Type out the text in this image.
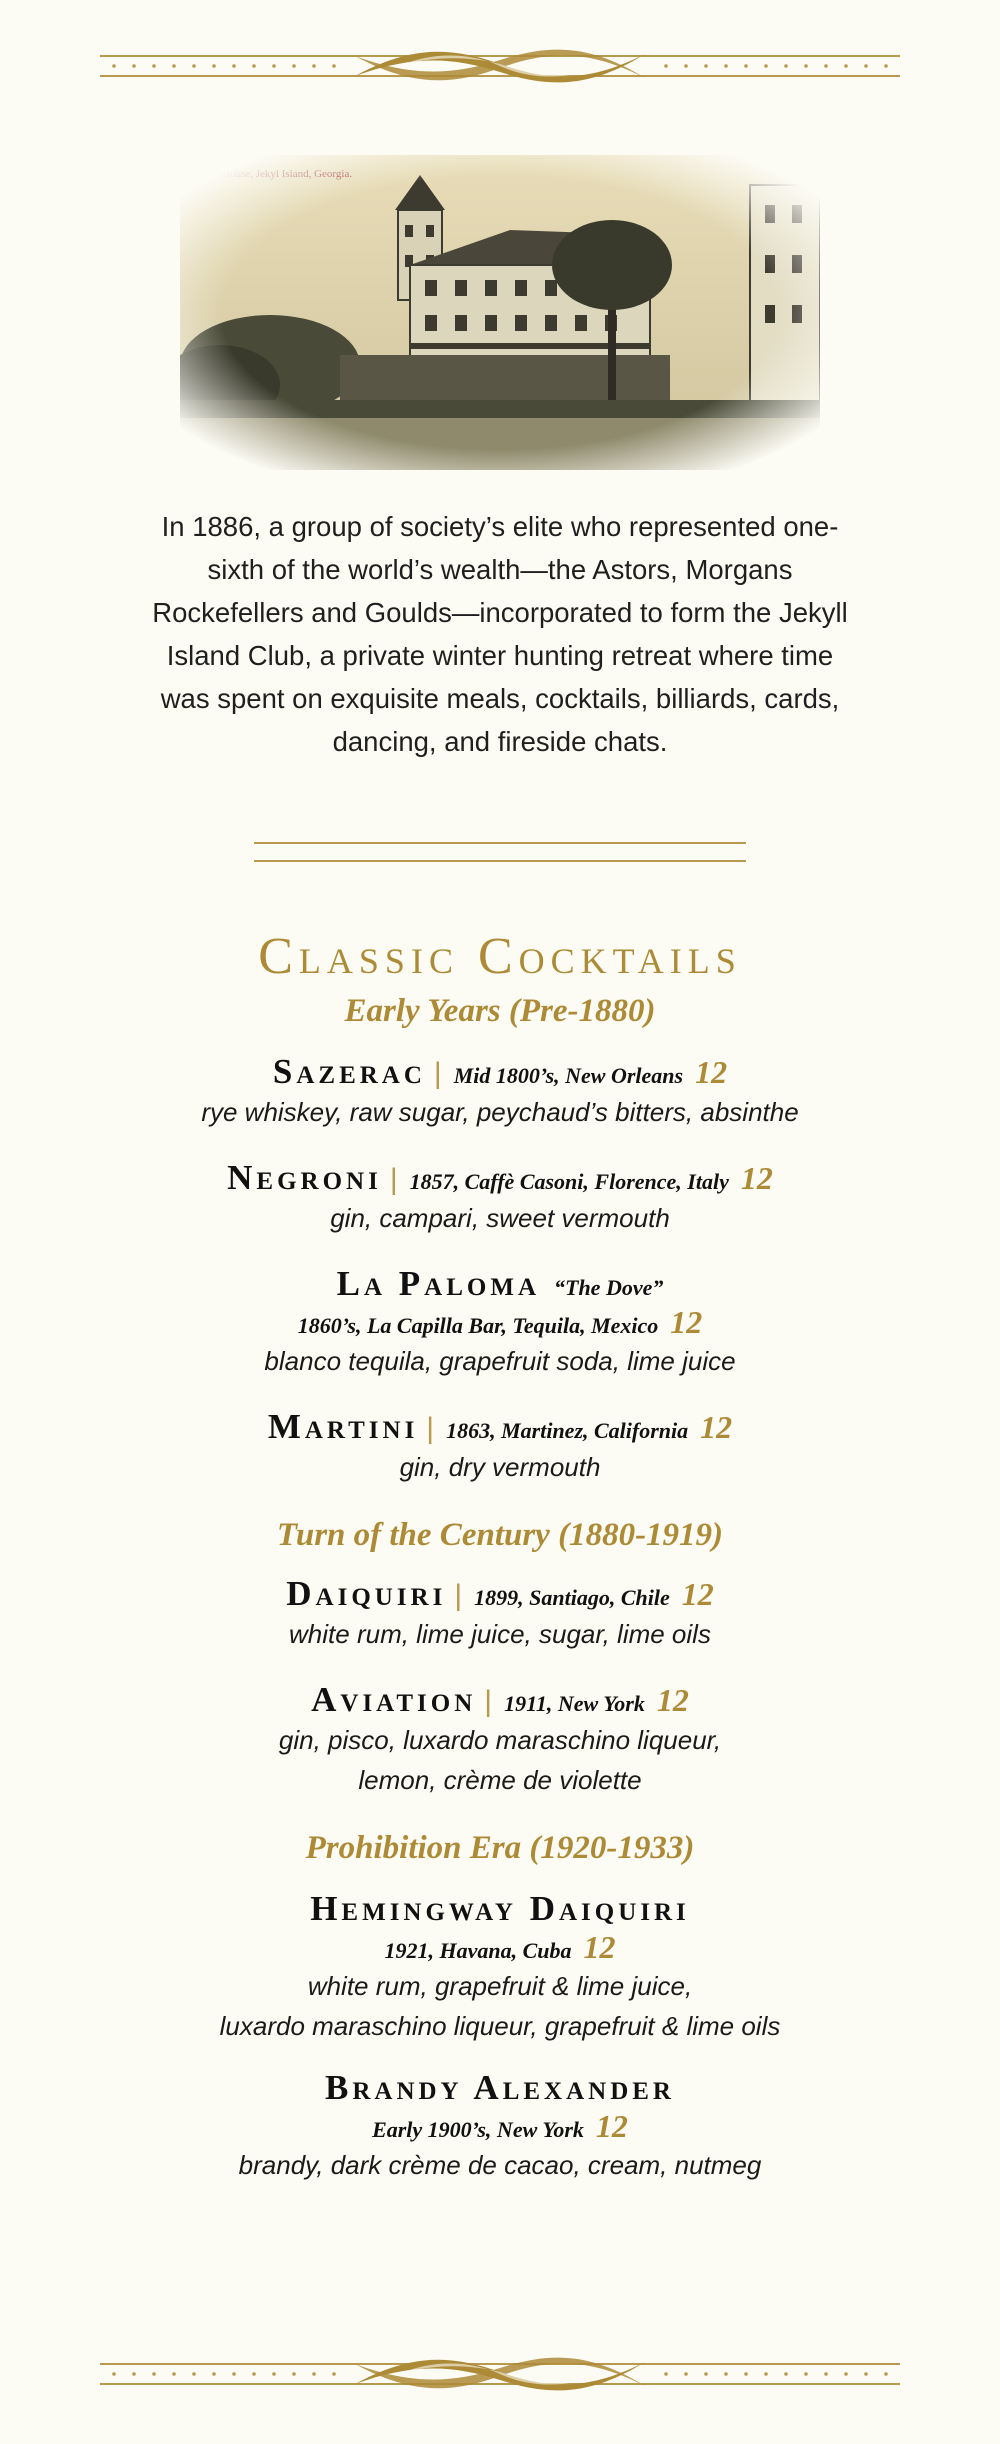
In 1886, a group of society’s elite who represented one-sixth of the world’s wealth—the Astors, Morgans Rockefellers and Goulds—incorporated to form the Jekyll Island Club, a private winter hunting retreat where time was spent on exquisite meals, cocktails, billiards, cards, dancing, and fireside chats.

Classic Cocktails
Early Years (Pre-1880)
Sazerac | Mid 1800’s, New Orleans 12
rye whiskey, raw sugar, peychaud’s bitters, absinthe
Negroni | 1857, Caffè Casoni, Florence, Italy 12
gin, campari, sweet vermouth
La Paloma “The Dove”
1860’s, La Capilla Bar, Tequila, Mexico 12
blanco tequila, grapefruit soda, lime juice
Martini | 1863, Martinez, California 12
gin, dry vermouth
Turn of the Century (1880-1919)
Daiquiri | 1899, Santiago, Chile 12
white rum, lime juice, sugar, lime oils
Aviation | 1911, New York 12
gin, pisco, luxardo maraschino liqueur,
lemon, crème de violette
Prohibition Era (1920-1933)
Hemingway Daiquiri
1921, Havana, Cuba 12
white rum, grapefruit & lime juice,
luxardo maraschino liqueur, grapefruit & lime oils
Brandy Alexander
Early 1900’s, New York 12
brandy, dark crème de cacao, cream, nutmeg
